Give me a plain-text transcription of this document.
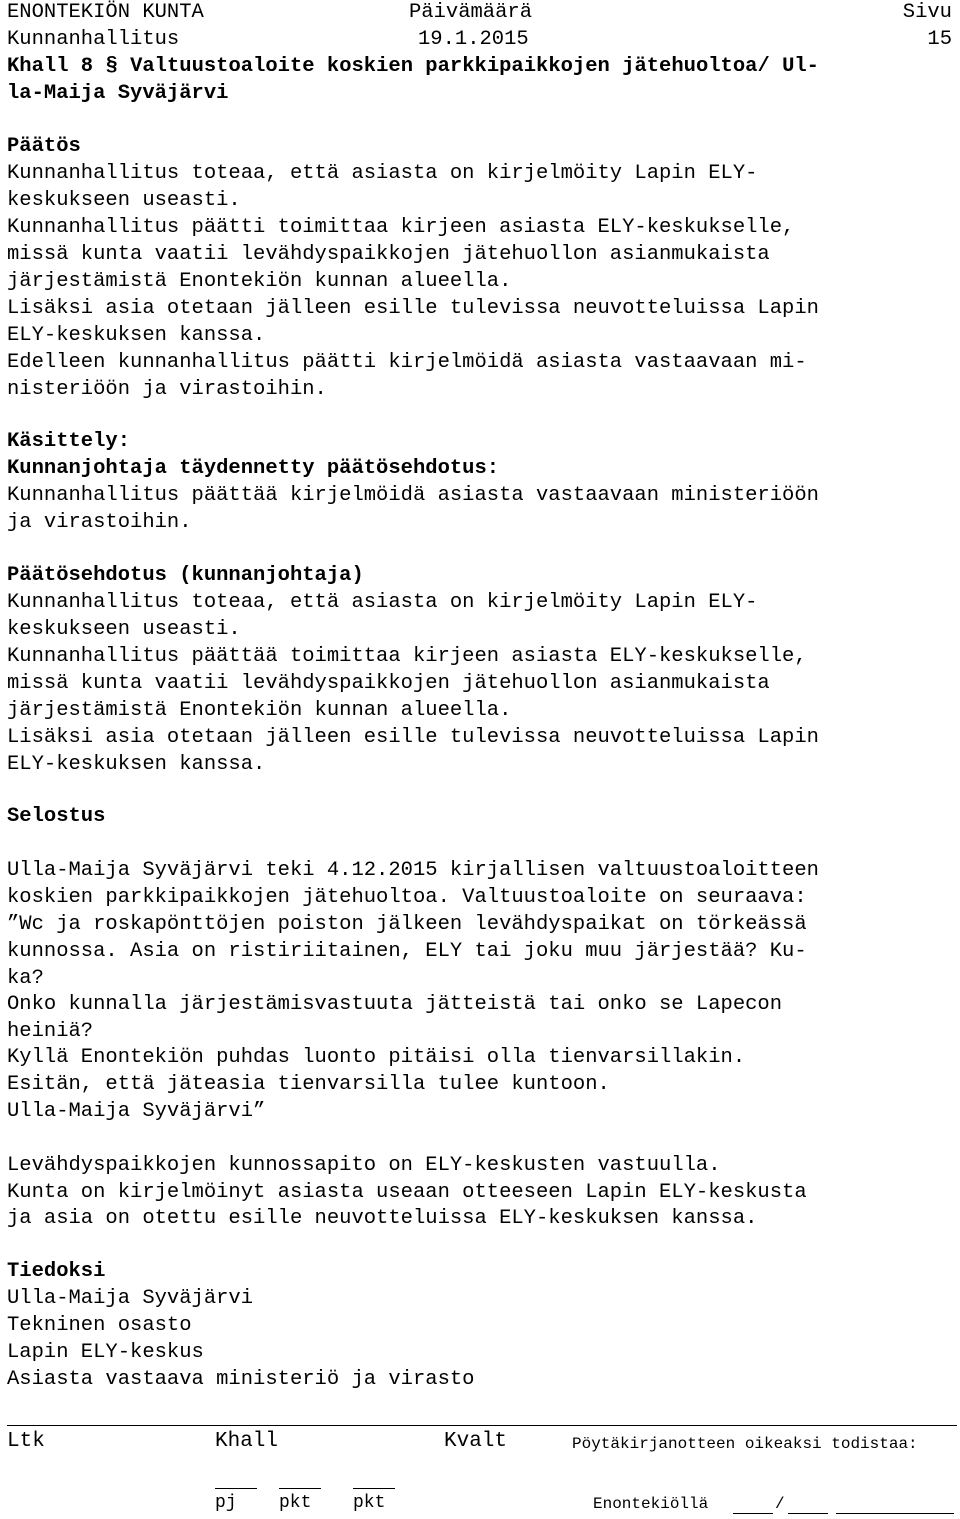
ENONTEKIÖN KUNTA
Kunnanhallitus
Päivämäärä
19.1.2015
Sivu
15
Khall 8 § Valtuustoaloite koskien parkkipaikkojen jätehuoltoa/ Ul-
la-Maija Syväjärvi
Päätös
Kunnanhallitus toteaa, että asiasta on kirjelmöity Lapin ELY-
keskukseen useasti.
Kunnanhallitus päätti toimittaa kirjeen asiasta ELY-keskukselle,
missä kunta vaatii levähdyspaikkojen jätehuollon asianmukaista
järjestämistä Enontekiön kunnan alueella.
Lisäksi asia otetaan jälleen esille tulevissa neuvotteluissa Lapin
ELY-keskuksen kanssa.
Edelleen kunnanhallitus päätti kirjelmöidä asiasta vastaavaan mi-
nisteriöön ja virastoihin.
Käsittely:
Kunnanjohtaja täydennetty päätösehdotus:
Kunnanhallitus päättää kirjelmöidä asiasta vastaavaan ministeriöön
ja virastoihin.
Päätösehdotus (kunnanjohtaja)
Kunnanhallitus toteaa, että asiasta on kirjelmöity Lapin ELY-
keskukseen useasti.
Kunnanhallitus päättää toimittaa kirjeen asiasta ELY-keskukselle,
missä kunta vaatii levähdyspaikkojen jätehuollon asianmukaista
järjestämistä Enontekiön kunnan alueella.
Lisäksi asia otetaan jälleen esille tulevissa neuvotteluissa Lapin
ELY-keskuksen kanssa.
Selostus
Ulla-Maija Syväjärvi teki 4.12.2015 kirjallisen valtuustoaloitteen
koskien parkkipaikkojen jätehuoltoa. Valtuustoaloite on seuraava:
”Wc ja roskapönttöjen poiston jälkeen levähdyspaikat on törkeässä
kunnossa. Asia on ristiriitainen, ELY tai joku muu järjestää? Ku-
ka?
Onko kunnalla järjestämisvastuuta jätteistä tai onko se Lapecon
heiniä?
Kyllä Enontekiön puhdas luonto pitäisi olla tienvarsillakin.
Esitän, että jäteasia tienvarsilla tulee kuntoon.
Ulla-Maija Syväjärvi”
Levähdyspaikkojen kunnossapito on ELY-keskusten vastuulla.
Kunta on kirjelmöinyt asiasta useaan otteeseen Lapin ELY-keskusta
ja asia on otettu esille neuvotteluissa ELY-keskuksen kanssa.
Tiedoksi
Ulla-Maija Syväjärvi
Tekninen osasto
Lapin ELY-keskus
Asiasta vastaava ministeriö ja virasto
Ltk	Khall	Kvalt	Pöytäkirjanotteen oikeaksi todistaa:
pj pkt pkt	Enontekiöllä	/
